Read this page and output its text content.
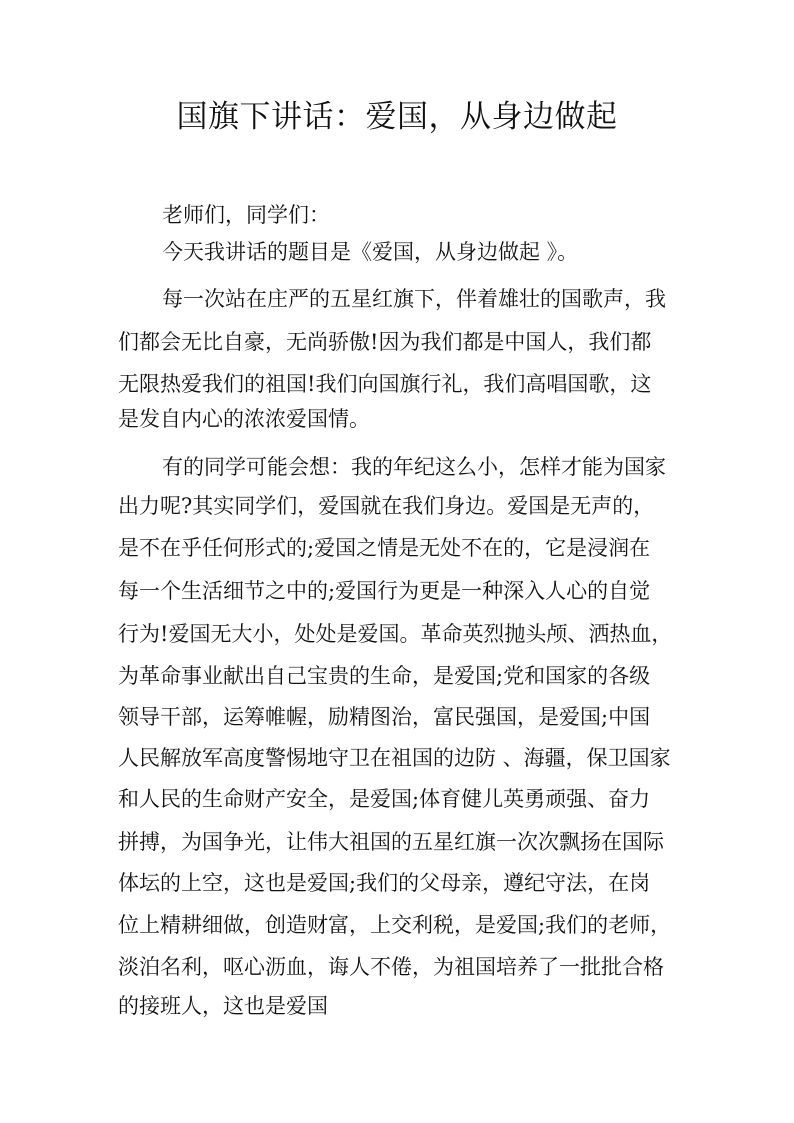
国旗下讲话：爱国，从身边做起

老师们，同学们：

今天我讲话的题目是《爱国，从身边做起 》。

每一次站在庄严的五星红旗下，伴着雄壮的国歌声，我

们都会无比自豪，无尚骄傲!因为我们都是中国人，我们都

无限热爱我们的祖国!我们向国旗行礼，我们高唱国歌，这

是发自内心的浓浓爱国情。

有的同学可能会想：我的年纪这么小，怎样才能为国家

出力呢?其实同学们，爱国就在我们身边。爱国是无声的，

是不在乎任何形式的;爱国之情是无处不在的，它是浸润在

每一个生活细节之中的;爱国行为更是一种深入人心的自觉

行为!爱国无大小，处处是爱国。革命英烈抛头颅、洒热血，

为革命事业献出自己宝贵的生命，是爱国;党和国家的各级

领导干部，运筹帷幄，励精图治，富民强国，是爱国;中国

人民解放军高度警惕地守卫在祖国的边防 、海疆，保卫国家

和人民的生命财产安全，是爱国;体育健儿英勇顽强、奋力

拼搏，为国争光，让伟大祖国的五星红旗一次次飘扬在国际

体坛的上空，这也是爱国;我们的父母亲，遵纪守法，在岗

位上精耕细做，创造财富，上交利税，是爱国;我们的老师，

淡泊名利，呕心沥血，诲人不倦，为祖国培养了一批批合格

的接班人，这也是爱国
